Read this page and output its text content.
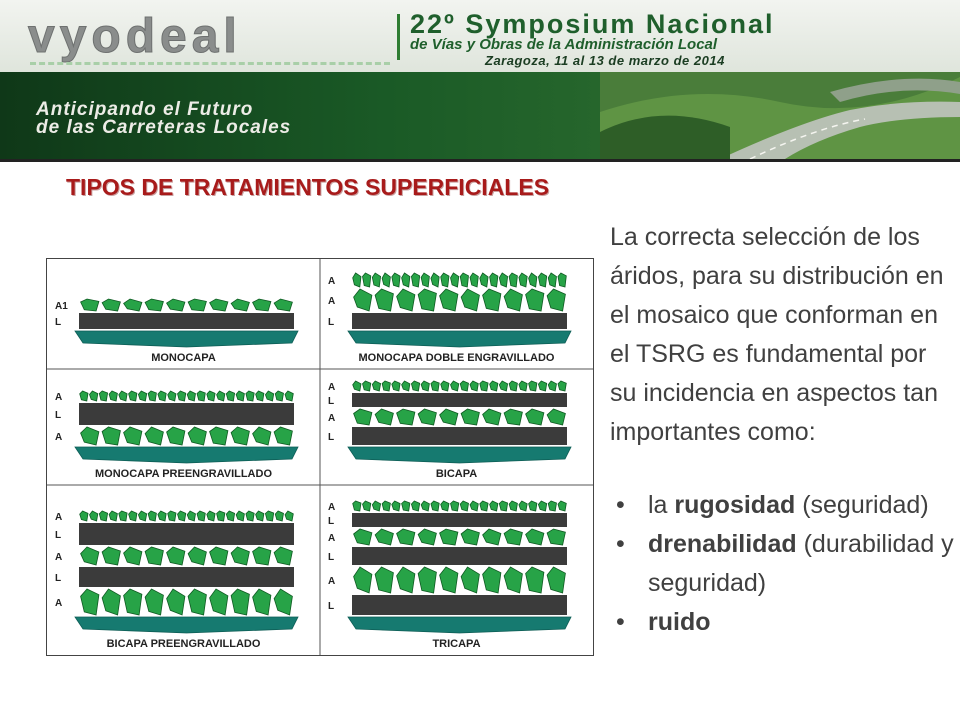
vyodeal	22º Symposium Nacional
de Vías y Obras de la Administración Local
Zaragoza, 11 al 13 de marzo de 2014
Anticipando el Futuro
de las Carreteras Locales
TIPOS DE TRATAMIENTOS SUPERFICIALES
MONOCAPA
A1
L
MONOCAPA DOBLE ENGRAVILLADO
A
A
L
MONOCAPA PREENGRAVILLADO
A
L
A
BICAPA
A
L
A
L
BICAPA PREENGRAVILLADO
A
L
A
L
A
TRICAPA
A
L
A
L
A
L
La correcta selección de los áridos, para su distribución en el mosaico que conforman en el TSRG es fundamental por su incidencia en aspectos tan importantes como:
• la rugosidad (seguridad)
• drenabilidad (durabilidad y seguridad)
• ruido
